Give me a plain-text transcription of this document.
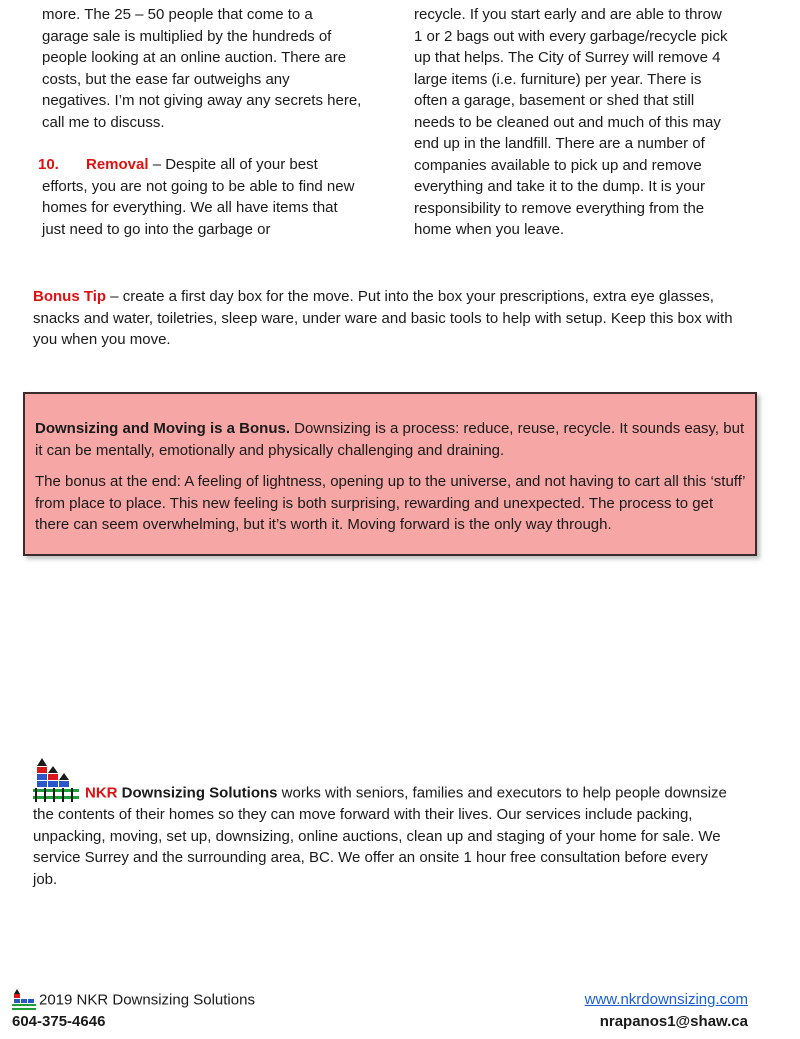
more. The 25 – 50 people that come to a garage sale is multiplied by the hundreds of people looking at an online auction. There are costs, but the ease far outweighs any negatives. I’m not giving away any secrets here, call me to discuss.

10. Removal – Despite all of your best efforts, you are not going to be able to find new homes for everything. We all have items that just need to go into the garbage or

recycle. If you start early and are able to throw 1 or 2 bags out with every garbage/recycle pick up that helps. The City of Surrey will remove 4 large items (i.e. furniture) per year. There is often a garage, basement or shed that still needs to be cleaned out and much of this may end up in the landfill. There are a number of companies available to pick up and remove everything and take it to the dump. It is your responsibility to remove everything from the home when you leave.

Bonus Tip – create a first day box for the move. Put into the box your prescriptions, extra eye glasses, snacks and water, toiletries, sleep ware, under ware and basic tools to help with setup. Keep this box with you when you move.

Downsizing and Moving is a Bonus. Downsizing is a process: reduce, reuse, recycle. It sounds easy, but it can be mentally, emotionally and physically challenging and draining.

The bonus at the end: A feeling of lightness, opening up to the universe, and not having to cart all this ‘stuff’ from place to place. This new feeling is both surprising, rewarding and unexpected. The process to get there can seem overwhelming, but it’s worth it. Moving forward is the only way through.

NKR Downsizing Solutions works with seniors, families and executors to help people downsize the contents of their homes so they can move forward with their lives. Our services include packing, unpacking, moving, set up, downsizing, online auctions, clean up and staging of your home for sale. We service Surrey and the surrounding area, BC. We offer an onsite 1 hour free consultation before every job.

2019 NKR Downsizing Solutions

604-375-4646

www.nkrdownsizing.com

nrapanos1@shaw.ca
